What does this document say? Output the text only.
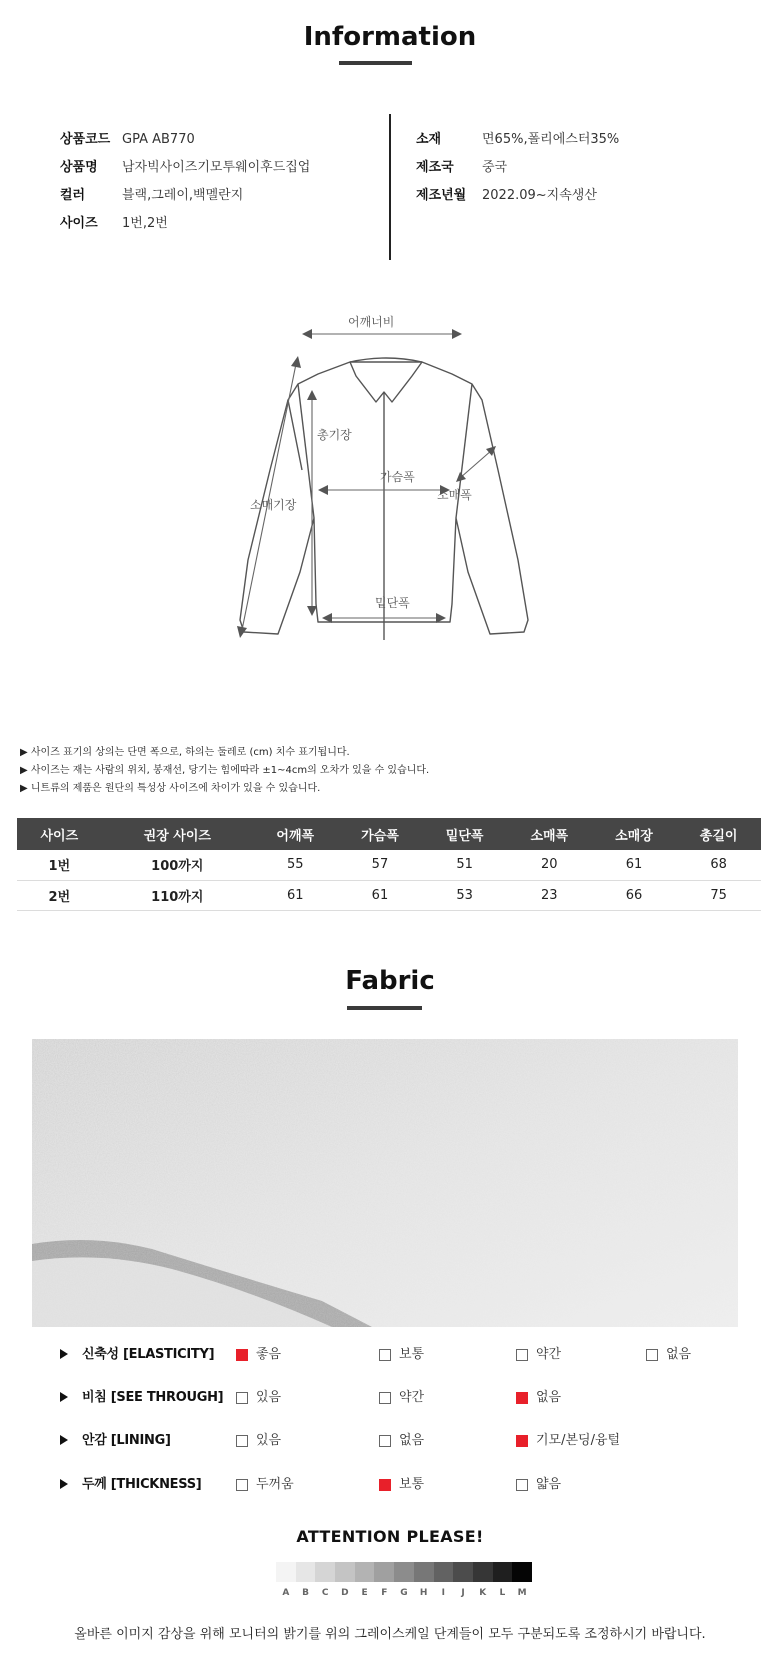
Information
상품코드 GPA AB770
상품명 남자빅사이즈기모투웨이후드집업
컬러	블랙,그레이,백멜란지
사이즈 1번,2번
소재	면65%,폴리에스터35%
제조국 중국
제조년월 2022.09~지속생산
어깨너비
총기장
가슴폭
소매폭
소매기장
밑단폭
▶ 사이즈 표기의 상의는 단면 폭으로, 하의는 둘레로 (cm) 치수 표기됩니다.
▶ 사이즈는 재는 사람의 위치, 봉재선, 당기는 힘에따라 ±1~4cm의 오차가 있을 수 있습니다.
▶ 니트류의 제품은 원단의 특성상 사이즈에 차이가 있을 수 있습니다.
사이즈	권장 사이즈	어깨폭	가슴폭	밑단폭	소매폭	소매장	총길이
1번	100까지	55	57	51	20	61	68
2번	110까지	61	61	53	23	66	75
Fabric
신축성 [ELASTICITY]	좋음	보통	약간	없음
비침 [SEE THROUGH]	있음	약간	없음
안감 [LINING]	있음	없음	기모/본딩/융털
두께 [THICKNESS]	두꺼움	보통	얇음
ATTENTION PLEASE!
A	B	C	D	E	F	G	H	I	J	K	L	M
올바른 이미지 감상을 위해 모니터의 밝기를 위의 그레이스케일 단계들이 모두 구분되도록 조정하시기 바랍니다.
